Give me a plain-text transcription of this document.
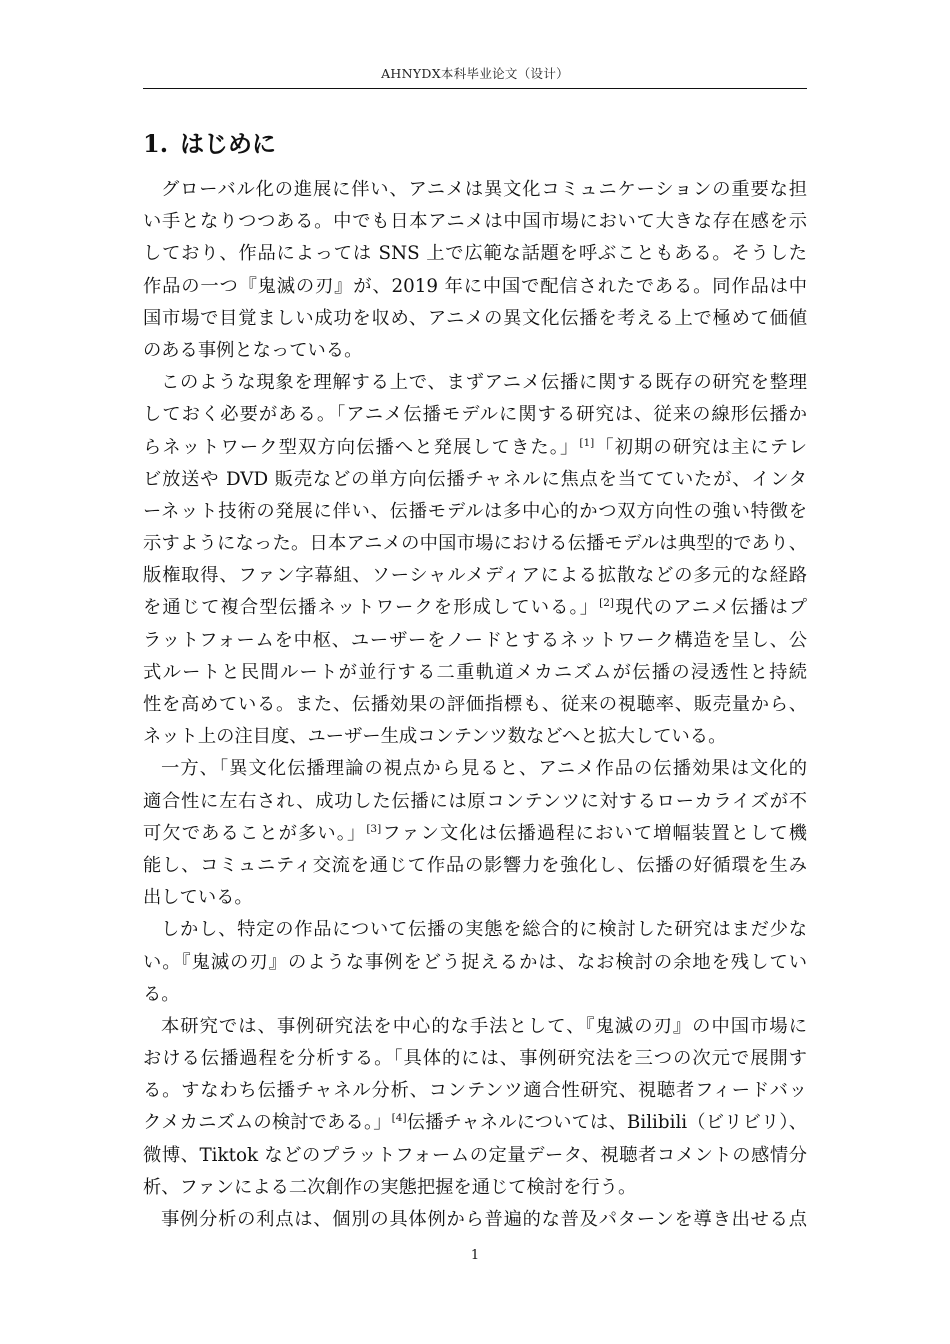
AHNYDX本科毕业论文（设计）
1. はじめに
グローバル化の進展に伴い、アニメは異文化コミュニケーションの重要な担
い手となりつつある。中でも日本アニメは中国市場において大きな存在感を示
しており、作品によっては SNS 上で広範な話題を呼ぶこともある。そうした
作品の一つ『鬼滅の刃』が、2019 年に中国で配信されたである。同作品は中
国市場で目覚ましい成功を収め、アニメの異文化伝播を考える上で極めて価値
のある事例となっている。
このような現象を理解する上で、まずアニメ伝播に関する既存の研究を整理
しておく必要がある。「アニメ伝播モデルに関する研究は、従来の線形伝播か
らネットワーク型双方向伝播へと発展してきた。」[1]「初期の研究は主にテレ
ビ放送や DVD 販売などの単方向伝播チャネルに焦点を当てていたが、インタ
ーネット技術の発展に伴い、伝播モデルは多中心的かつ双方向性の強い特徴を
示すようになった。日本アニメの中国市場における伝播モデルは典型的であり、
版権取得、ファン字幕組、ソーシャルメディアによる拡散などの多元的な経路
を通じて複合型伝播ネットワークを形成している。」[2]現代のアニメ伝播はプ
ラットフォームを中枢、ユーザーをノードとするネットワーク構造を呈し、公
式ルートと民間ルートが並行する二重軌道メカニズムが伝播の浸透性と持続
性を高めている。また、伝播効果の評価指標も、従来の視聴率、販売量から、
ネット上の注目度、ユーザー生成コンテンツ数などへと拡大している。
一方、「異文化伝播理論の視点から見ると、アニメ作品の伝播効果は文化的
適合性に左右され、成功した伝播には原コンテンツに対するローカライズが不
可欠であることが多い。」[3]ファン文化は伝播過程において増幅装置として機
能し、コミュニティ交流を通じて作品の影響力を強化し、伝播の好循環を生み
出している。
しかし、特定の作品について伝播の実態を総合的に検討した研究はまだ少な
い。『鬼滅の刃』のような事例をどう捉えるかは、なお検討の余地を残してい
る。
本研究では、事例研究法を中心的な手法として、『鬼滅の刃』の中国市場に
おける伝播過程を分析する。「具体的には、事例研究法を三つの次元で展開す
る。すなわち伝播チャネル分析、コンテンツ適合性研究、視聴者フィードバッ
クメカニズムの検討である。」[4]伝播チャネルについては、Bilibili（ビリビリ）、
微博、Tiktok などのプラットフォームの定量データ、視聴者コメントの感情分
析、ファンによる二次創作の実態把握を通じて検討を行う。
事例分析の利点は、個別の具体例から普遍的な普及パターンを導き出せる点
1
